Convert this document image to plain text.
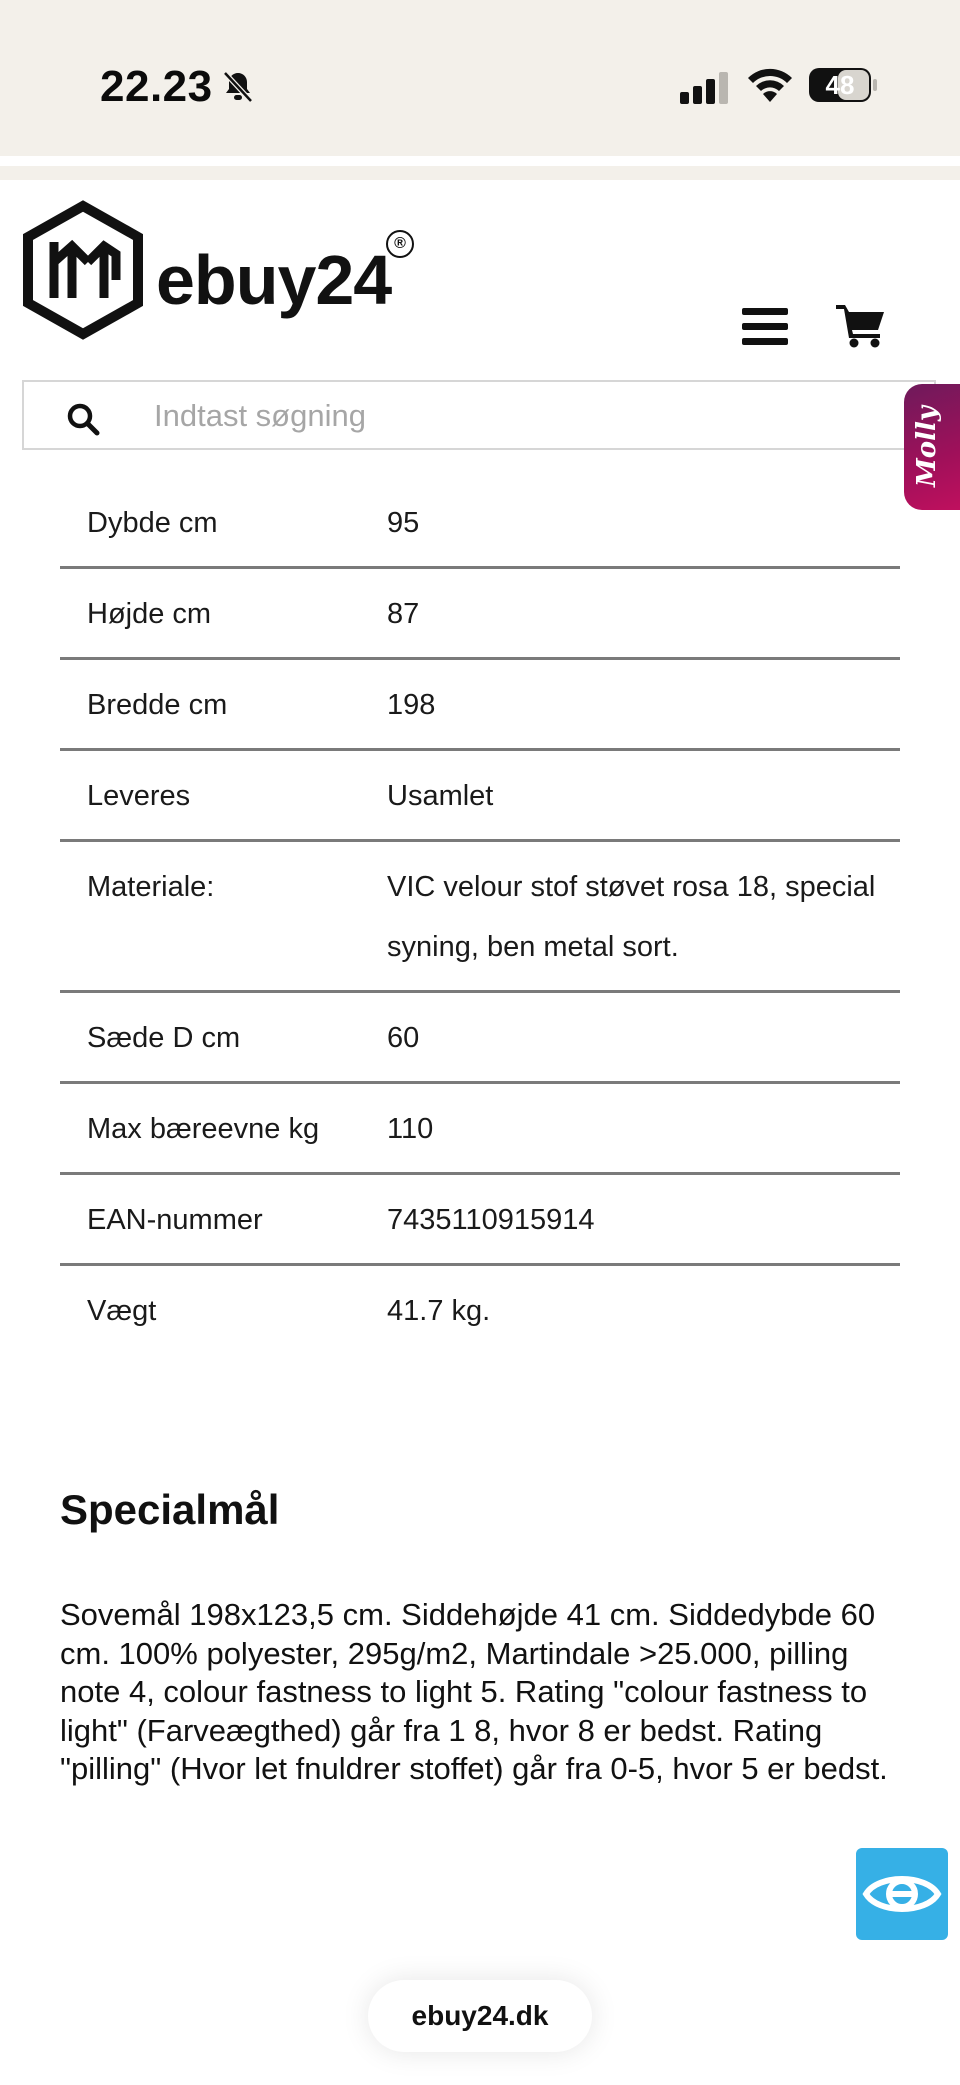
22.23	48
ebuy24 ®
Indtast søgning
Molly
Dybde cm	95
Højde cm	87
Bredde cm	198
Leveres	Usamlet
Materiale:	VIC velour stof støvet rosa 18, special syning, ben metal sort.
Sæde D cm	60
Max bæreevne kg	110
EAN-nummer	7435110915914
Vægt	41.7 kg.
Specialmål

Sovemål 198x123,5 cm. Siddehøjde 41 cm. Siddedybde 60 cm. 100% polyester, 295g/m2, Martindale >25.000, pilling note 4, colour fastness to light 5. Rating "colour fastness to light" (Farveægthed) går fra 1 8, hvor 8 er bedst. Rating "pilling" (Hvor let fnuldrer stoffet) går fra 0-5, hvor 5 er bedst.

ebuy24.dk
